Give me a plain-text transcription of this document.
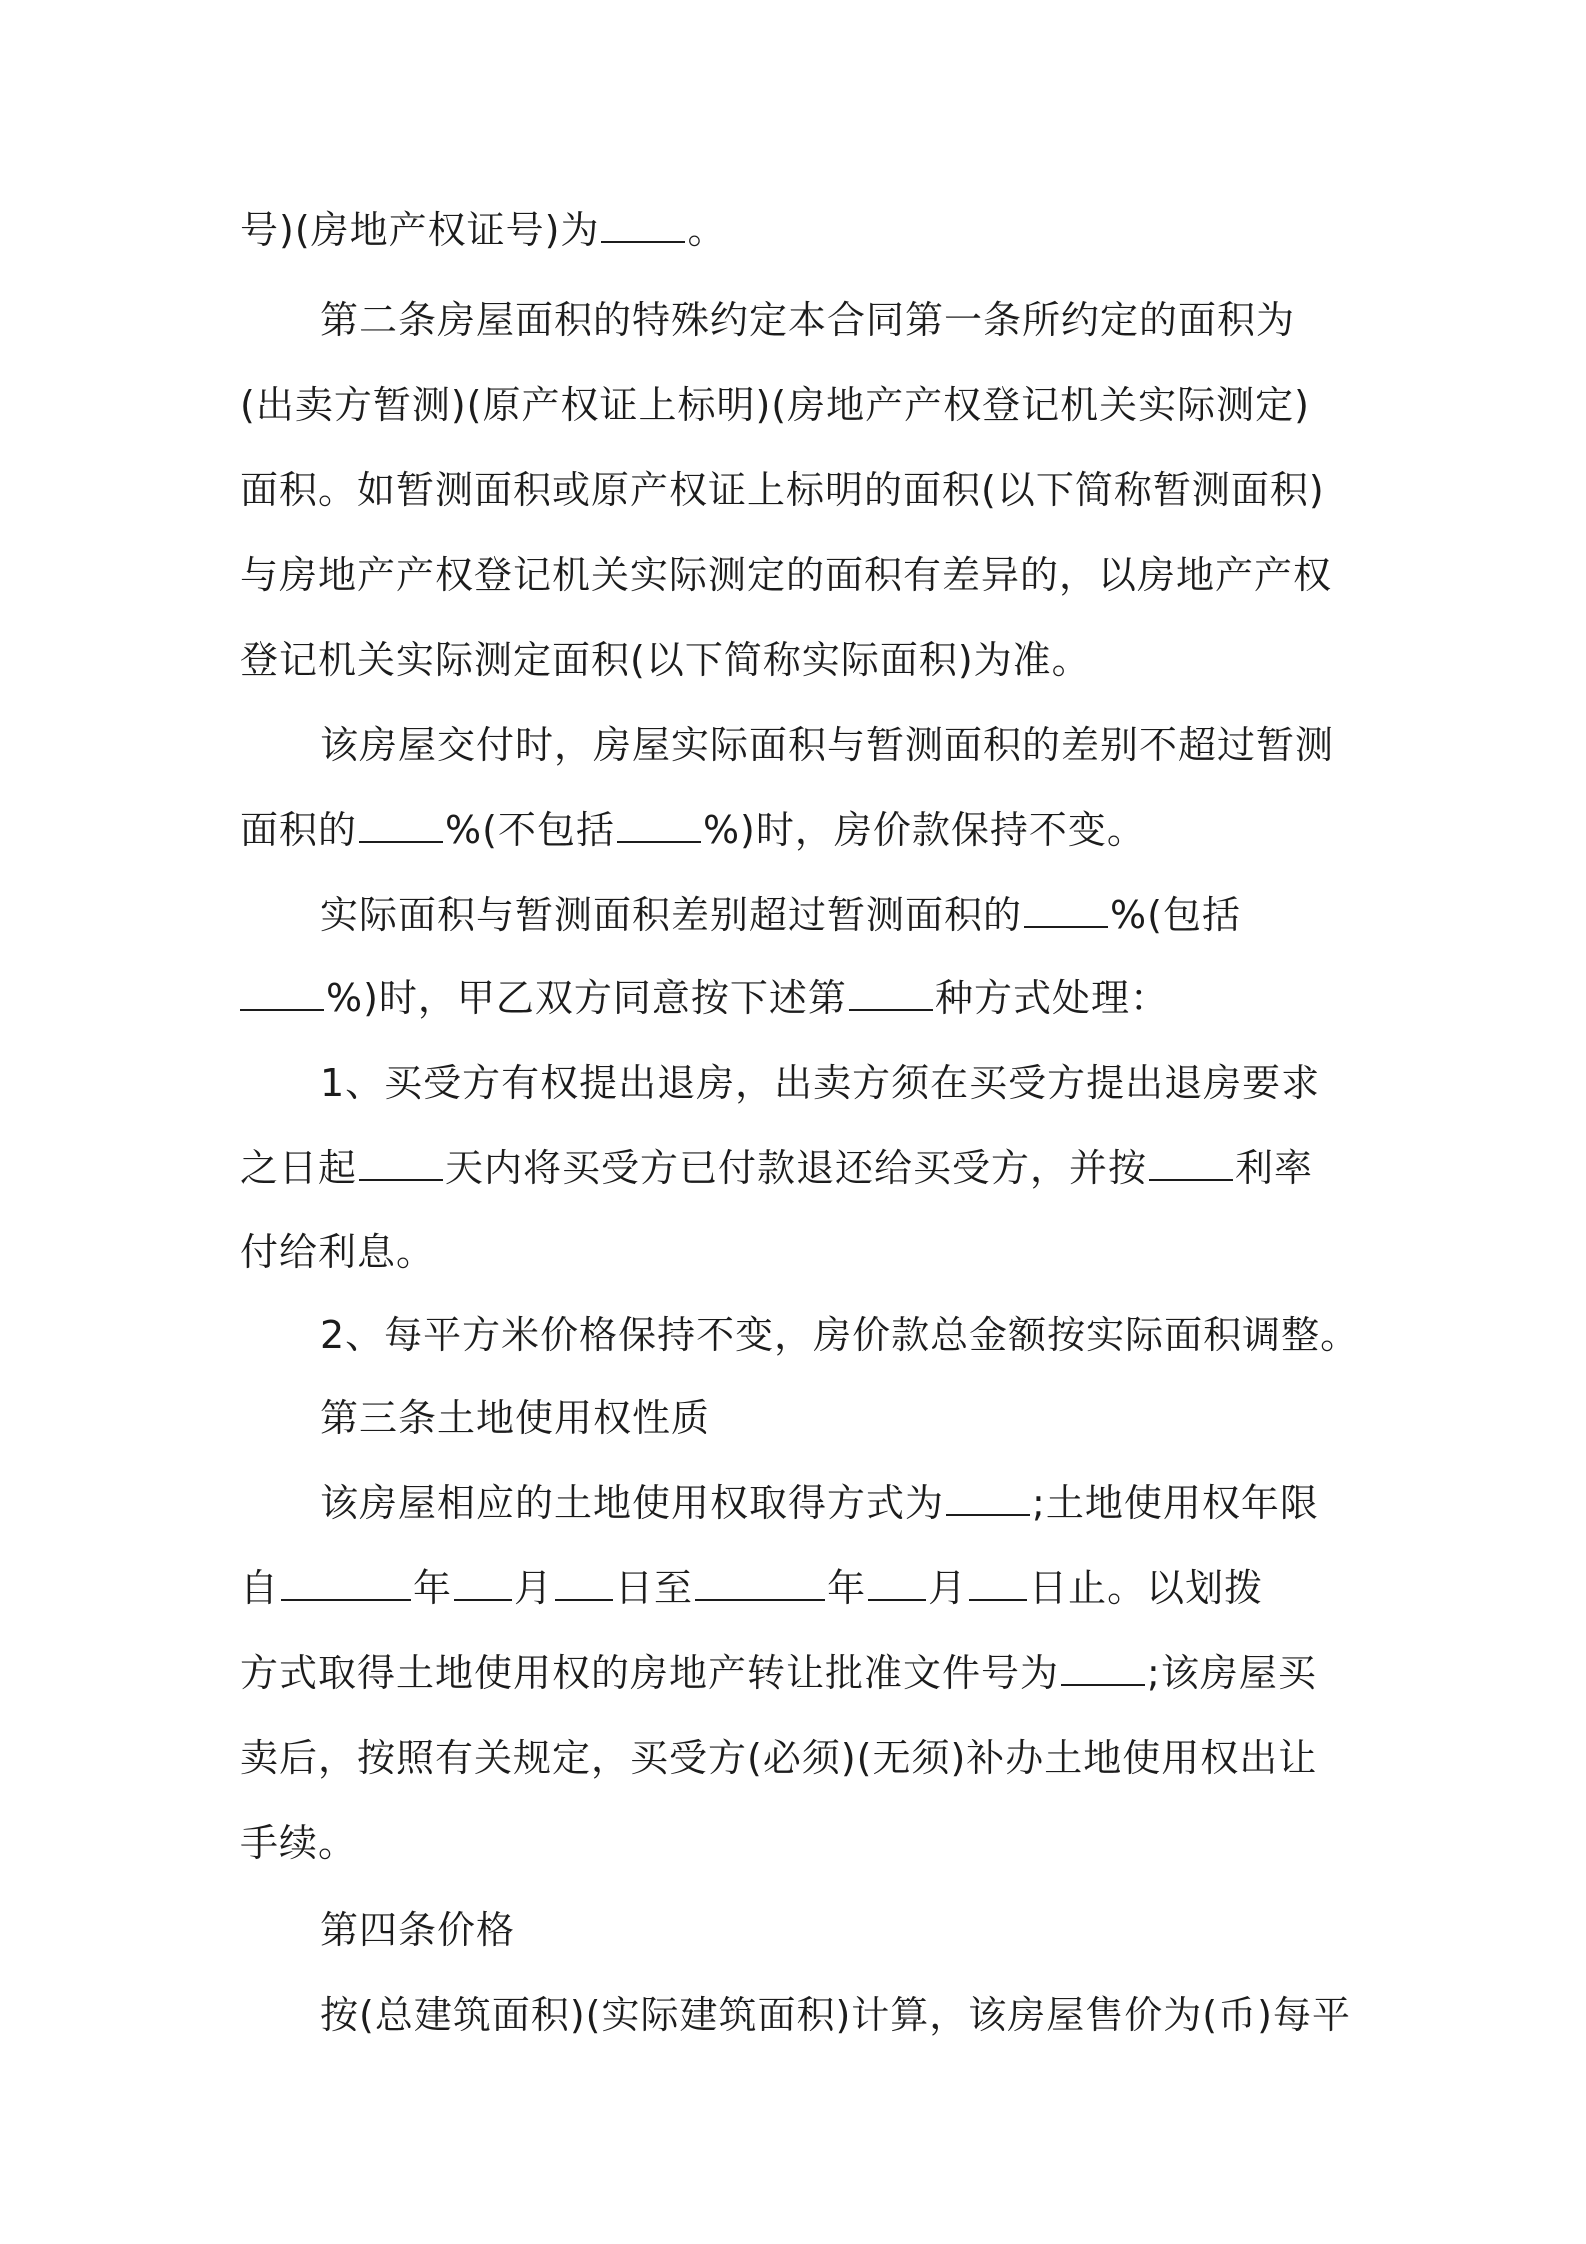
号)(房地产权证号)为 。
第二条房屋面积的特殊约定本合同第一条所约定的面积为
(出卖方暂测)(原产权证上标明)(房地产产权登记机关实际测定)
面积。如暂测面积或原产权证上标明的面积(以下简称暂测面积)
与房地产产权登记机关实际测定的面积有差异的，以房地产产权
登记机关实际测定面积(以下简称实际面积)为准。
该房屋交付时，房屋实际面积与暂测面积的差别不超过暂测
面积的 %(不包括 %)时，房价款保持不变。
实际面积与暂测面积差别超过暂测面积的 %(包括
%)时，甲乙双方同意按下述第 种方式处理：
1、买受方有权提出退房，出卖方须在买受方提出退房要求
之日起 天内将买受方已付款退还给买受方，并按 利率
付给利息。
2、每平方米价格保持不变，房价款总金额按实际面积调整。
第三条土地使用权性质
该房屋相应的土地使用权取得方式为 ;土地使用权年限
自	年 月 日至	年 月 日止。以划拨
方式取得土地使用权的房地产转让批准文件号为 ;该房屋买
卖后，按照有关规定，买受方(必须)(无须)补办土地使用权出让
手续。
第四条价格
按(总建筑面积)(实际建筑面积)计算，该房屋售价为(币)每平
